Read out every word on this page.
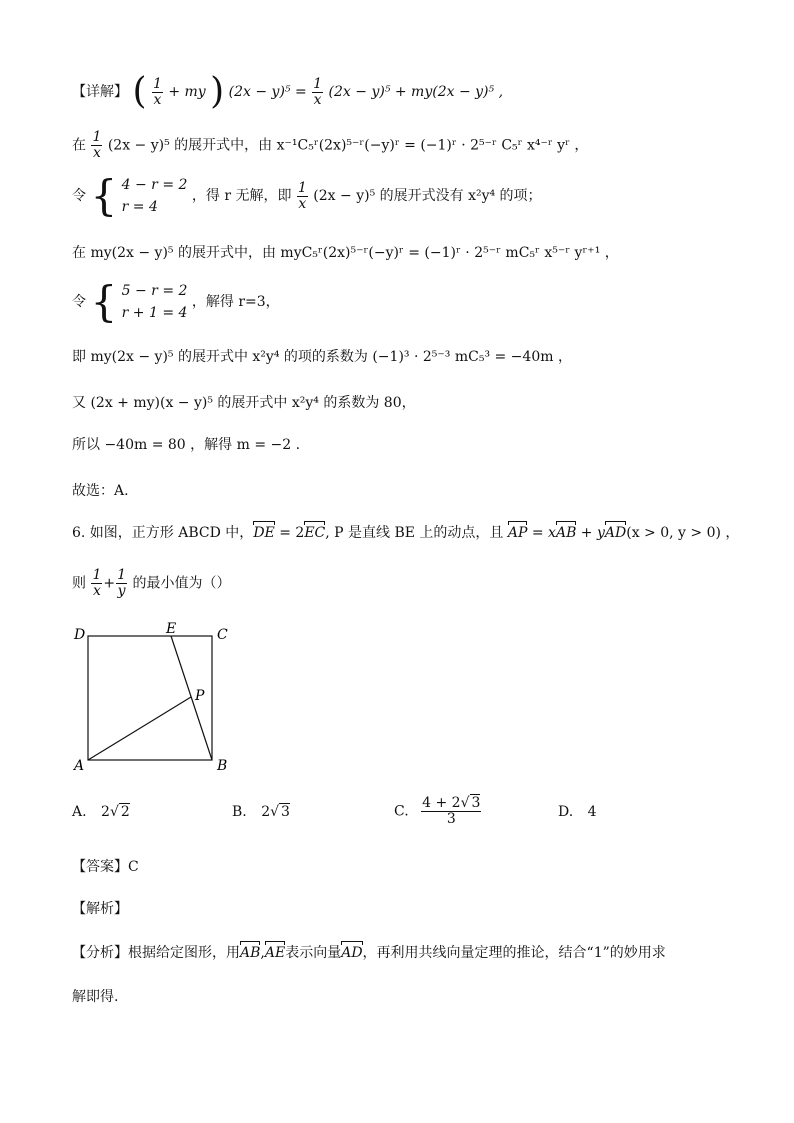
【详解】 ( $\frac{1}{x}$ + my ) $(2x - y)^5 = \frac{1}{x} (2x - y)^5 + my(2x - y)^5$ ,
在 $\frac{1}{x} (2x - y)^5$ 的展开式中，由 x⁻¹C₅ʳ(2x)⁵⁻ʳ(−y)ʳ = (−1)ʳ · 2⁵⁻ʳ C₅ʳ x⁴⁻ʳ yʳ ，
令 { 4 − r = 2
r = 4
，得 r 无解，即 $\frac{1}{x} (2x - y)^5$ 的展开式没有 x²y⁴ 的项；
在 my(2x − y)⁵ 的展开式中，由 myC₅ʳ(2x)⁵⁻ʳ(−y)ʳ = (−1)ʳ · 2⁵⁻ʳ mC₅ʳ x⁵⁻ʳ yʳ⁺¹ ，
令 { 5 − r = 2
r + 1 = 4
，解得 r=3，
即 my(2x − y)⁵ 的展开式中 x²y⁴ 的项的系数为 (−1)³ · 2⁵⁻³ mC₅³ = −40m ，
又 (2x + my)(x − y)⁵ 的展开式中 x²y⁴ 的系数为 80，
所以 −40m = 80 ，解得 m = −2 .
故选：A.
6. 如图，正方形 ABCD 中，DE = 2EC, P 是直线 BE 上的动点，且 AP = xAB + yAD(x > 0, y > 0) ，
则 $\frac{1}{x} + \frac{1}{y}$ 的最小值为（）
D	E	C
P
A	B
A. 2√ 2	B. 2√ 3	C. $\frac{4 + 2√ 3}{3}$	D. 4
【答案】C
【解析】
【分析】根据给定图形，用AB,AE表示向量AD，再利用共线向量定理的推论，结合“1”的妙用求
解即得.
